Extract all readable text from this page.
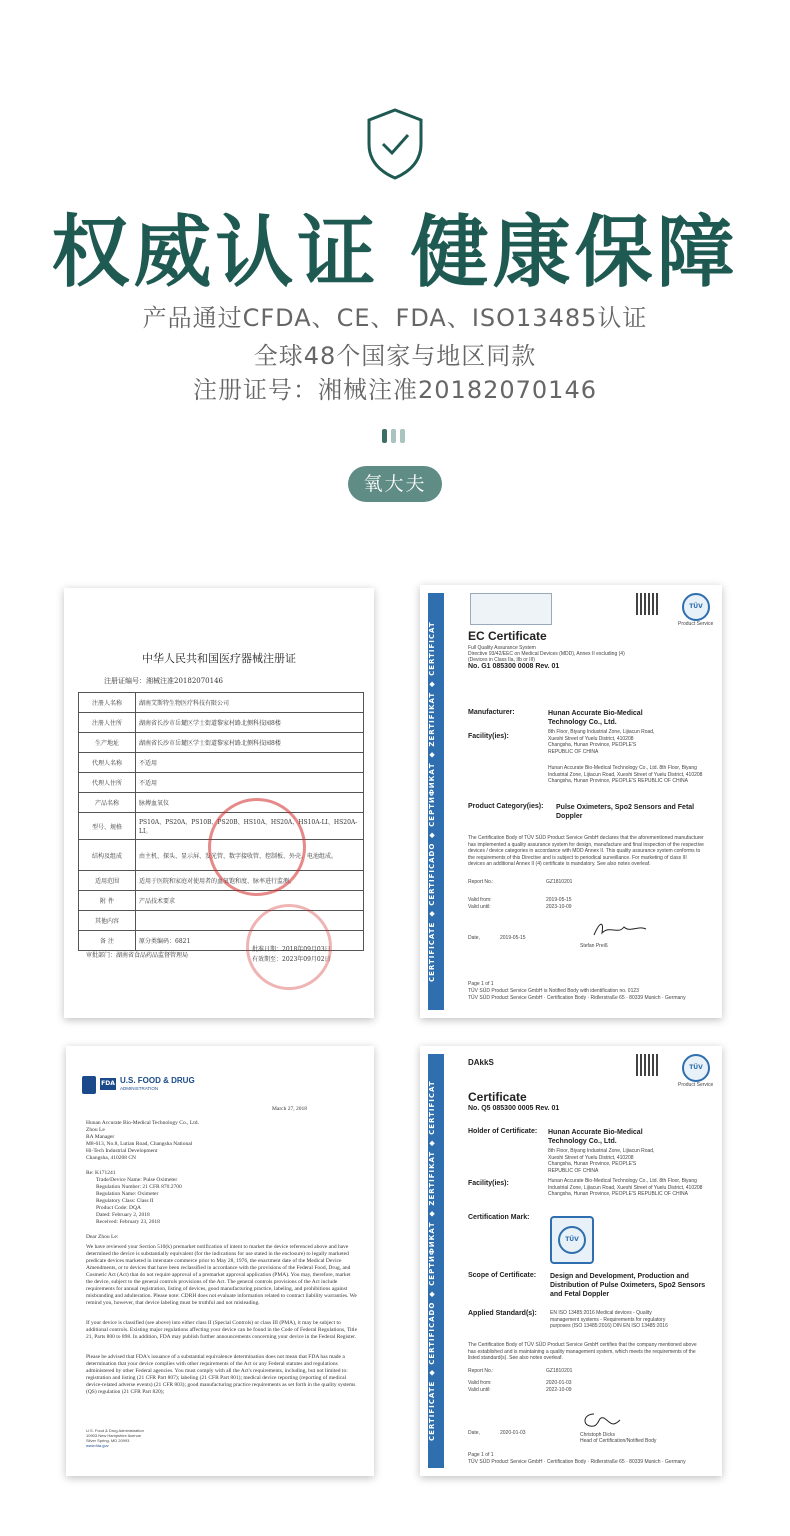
权威认证 健康保障
产品通过CFDA、CE、FDA、ISO13485认证
全球48个国家与地区同款
注册证号：湘械注准20182070146
氧大夫
中华人民共和国医疗器械注册证
注册证编号：湘械注准20182070146
注册人名称	湖南艾斯特生物医疗科技有限公司
注册人住所	湖南省长沙市岳麓区学士街道黎家村路北侧科技园8楼
生产地址	湖南省长沙市岳麓区学士街道黎家村路北侧科技园8楼
代理人名称	不适用
代理人住所	不适用
产品名称	脉搏血氧仪
型号、规格	PS10A、PS20A、PS10B、PS20B、HS10A、HS20A、HS10A-LI、HS20A-LI。
结构及组成	由主机、探头、显示屏、发光管、数字接收管、控制板、外壳、电池组成。
适用范围	适用于医院和家庭对使用者的血氧饱和度、脉率进行监测。
附 件	产品技术要求
其他内容	
备 注	原分类编码：6821
审批部门：湖南省食品药品监督管理局
批准日期：2018年09月03日
有效期至：2023年09月02日	CERTIFICATE ◆ CERTIFICADO ◆ СЕРТИФИКАТ ◆ ZERTIFIKAT ◆ CERTIFICAT
TÜV
Product Service
EC Certificate
Full Quality Assurance System
Directive 93/42/EEC on Medical Devices (MDD), Annex II excluding (4)
(Devices in Class IIa, IIb or III)
No. G1 085300 0008 Rev. 01
Manufacturer:	Hunan Accurate Bio-Medical Technology Co., Ltd.
8th Floor, Biyang Industrial Zone, Lijiacun Road, Xueshi Street of Yuelu District, 410208 Changsha, Hunan Province, PEOPLE'S REPUBLIC OF CHINA
Facility(ies):
Hunan Accurate Bio-Medical Technology Co., Ltd. 8th Floor, Biyang Industrial Zone, Lijiacun Road, Xueshi Street of Yuelu District, 410208 Changsha, Hunan Province, PEOPLE'S REPUBLIC OF CHINA
Product Category(ies): Pulse Oximeters, Spo2 Sensors and Fetal Doppler
The Certification Body of TÜV SÜD Product Service GmbH declares that the aforementioned manufacturer has implemented a quality assurance system for design, manufacture and final inspection of the respective devices / device categories in accordance with MDD Annex II. This quality assurance system conforms to the requirements of this Directive and is subject to periodical surveillance. For marketing of class III devices an additional Annex II (4) certificate is mandatory. See also notes overleaf.
Report No.:	GZ1810201
Valid from:	2019-05-15
Valid until:	2023-10-09
Date,	2019-05-15
Stefan Preiß
Page 1 of 1
TÜV SÜD Product Service GmbH is Notified Body with identification no. 0123
TÜV SÜD Product Service GmbH · Certification Body · Ridlerstraße 65 · 80339 Munich · Germany
FDA U.S. FOOD & DRUG
ADMINISTRATION
March 27, 2018
Hunan Accurate Bio-Medical Technology Co., Ltd.
Zhou Le
RA Manager
M8-613, No.8, Lutian Road, Changsha National
Hi-Tech Industrial Development
Changsha, 410208 CN
Re: K171241
Trade/Device Name: Pulse Oximeter
Regulation Number: 21 CFR 870.2700
Regulation Name: Oximeter
Regulatory Class: Class II
Product Code: DQA
Dated: February 2, 2018
Received: February 23, 2018
Dear Zhou Le:
We have reviewed your Section 510(k) premarket notification of intent to market the device referenced above and have determined the device is substantially equivalent (for the indications for use stated in the enclosure) to legally marketed predicate devices marketed in interstate commerce prior to May 28, 1976, the enactment date of the Medical Device Amendments, or to devices that have been reclassified in accordance with the provisions of the Federal Food, Drug, and Cosmetic Act (Act) that do not require approval of a premarket approval application (PMA). You may, therefore, market the device, subject to the general controls provisions of the Act. The general controls provisions of the Act include requirements for annual registration, listing of devices, good manufacturing practice, labeling, and prohibitions against misbranding and adulteration. Please note: CDRH does not evaluate information related to contract liability warranties. We remind you, however, that device labeling must be truthful and not misleading.
If your device is classified (see above) into either class II (Special Controls) or class III (PMA), it may be subject to additional controls. Existing major regulations affecting your device can be found in the Code of Federal Regulations, Title 21, Parts 800 to 898. In addition, FDA may publish further announcements concerning your device in the Federal Register.
Please be advised that FDA's issuance of a substantial equivalence determination does not mean that FDA has made a determination that your device complies with other requirements of the Act or any Federal statutes and regulations administered by other Federal agencies. You must comply with all the Act's requirements, including, but not limited to: registration and listing (21 CFR Part 807); labeling (21 CFR Part 801); medical device reporting (reporting of medical device-related adverse events) (21 CFR 803); good manufacturing practice requirements as set forth in the quality systems (QS) regulation (21 CFR Part 820);
U.S. Food & Drug Administration
10903 New Hampshire Avenue
Silver Spring, MD 20993
www.fda.gov
CERTIFICATE ◆ CERTIFICADO ◆ СЕРТИФИКАТ ◆ ZERTIFIKAT ◆ CERTIFICAT
DAkkS
TÜV
Product Service
Certificate
No. Q5 085300 0005 Rev. 01
Holder of Certificate: Hunan Accurate Bio-Medical Technology Co., Ltd.
8th Floor, Biyang Industrial Zone, Lijiacun Road, Xueshi Street of Yuelu District, 410208 Changsha, Hunan Province, PEOPLE'S REPUBLIC OF CHINA
Facility(ies):	Hunan Accurate Bio-Medical Technology Co., Ltd. 8th Floor, Biyang Industrial Zone, Lijiacun Road, Xueshi Street of Yuelu District, 410208 Changsha, Hunan Province, PEOPLE'S REPUBLIC OF CHINA
Certification Mark:
TÜV
Scope of Certificate: Design and Development, Production and Distribution of Pulse Oximeters, Spo2 Sensors and Fetal Doppler
Applied Standard(s):	EN ISO 13485:2016 Medical devices - Quality management systems - Requirements for regulatory purposes (ISO 13485:2016) DIN EN ISO 13485:2016
The Certification Body of TÜV SÜD Product Service GmbH certifies that the company mentioned above has established and is maintaining a quality management system, which meets the requirements of the listed standard(s). See also notes overleaf.
Report No.:	GZ1810201
Valid from:	2020-01-03
Valid until:	2022-10-09
Date,	2020-01-03	Christoph Dicks
Head of Certification/Notified Body
Page 1 of 1
TÜV SÜD Product Service GmbH · Certification Body · Ridlerstraße 65 · 80339 Munich · Germany
